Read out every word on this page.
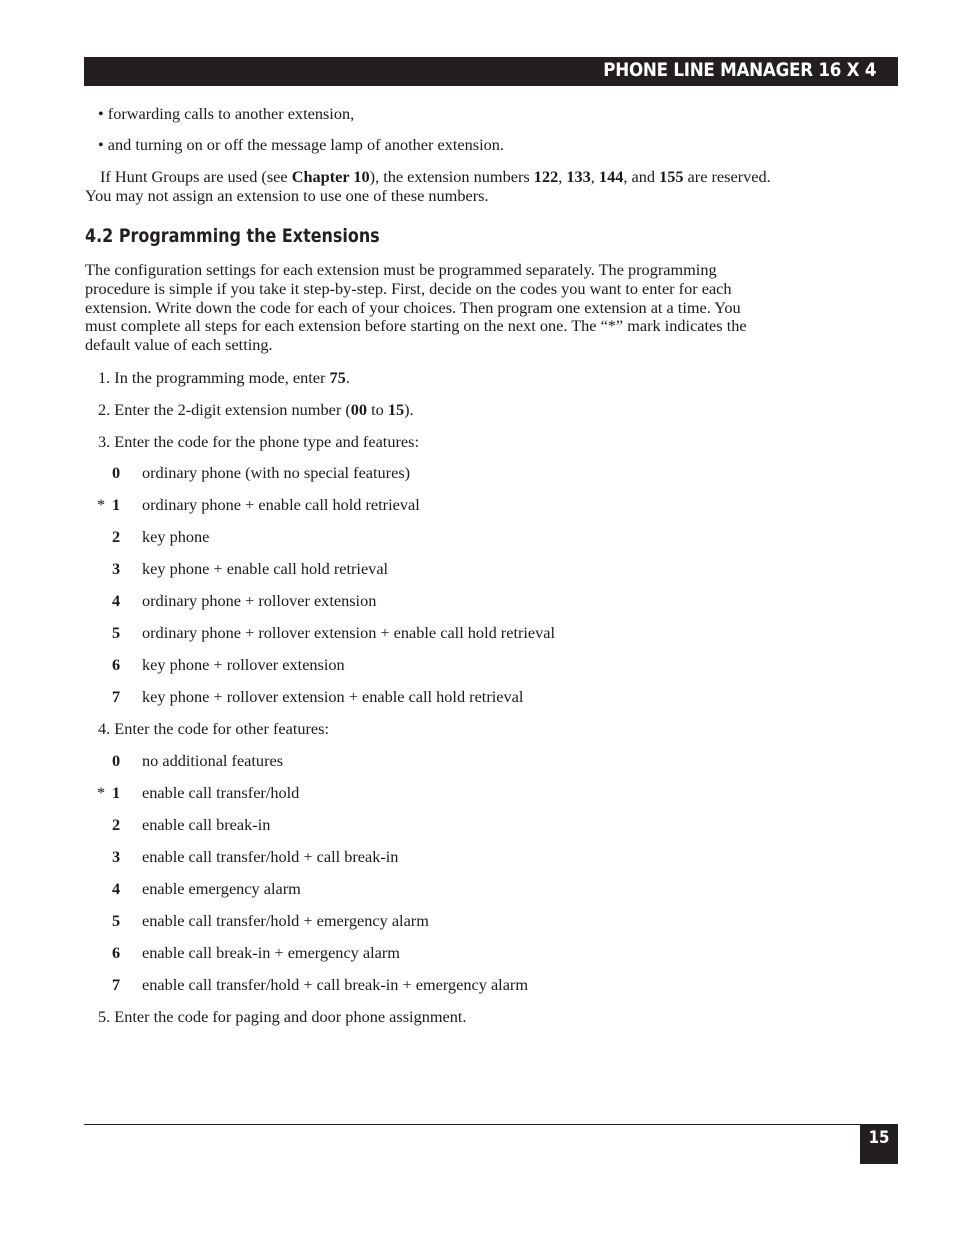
PHONE LINE MANAGER 16 X 4
• forwarding calls to another extension,
• and turning on or off the message lamp of another extension.

If Hunt Groups are used (see Chapter 10), the extension numbers 122, 133, 144, and 155 are reserved.

You may not assign an extension to use one of these numbers.

4.2 Programming the Extensions

The configuration settings for each extension must be programmed separately. The programming

procedure is simple if you take it step-by-step. First, decide on the codes you want to enter for each

extension. Write down the code for each of your choices. Then program one extension at a time. You

must complete all steps for each extension before starting on the next one. The “*” mark indicates the

default value of each setting.

1. In the programming mode, enter 75.
2. Enter the 2-digit extension number (00 to 15).
3. Enter the code for the phone type and features:
0 ordinary phone (with no special features)
* 1 ordinary phone + enable call hold retrieval
2 key phone
3 key phone + enable call hold retrieval
4 ordinary phone + rollover extension
5 ordinary phone + rollover extension + enable call hold retrieval
6 key phone + rollover extension
7 key phone + rollover extension + enable call hold retrieval
4. Enter the code for other features:
0 no additional features
* 1 enable call transfer/hold
2 enable call break-in
3 enable call transfer/hold + call break-in
4 enable emergency alarm
5 enable call transfer/hold + emergency alarm
6 enable call break-in + emergency alarm
7 enable call transfer/hold + call break-in + emergency alarm
5. Enter the code for paging and door phone assignment.
15
